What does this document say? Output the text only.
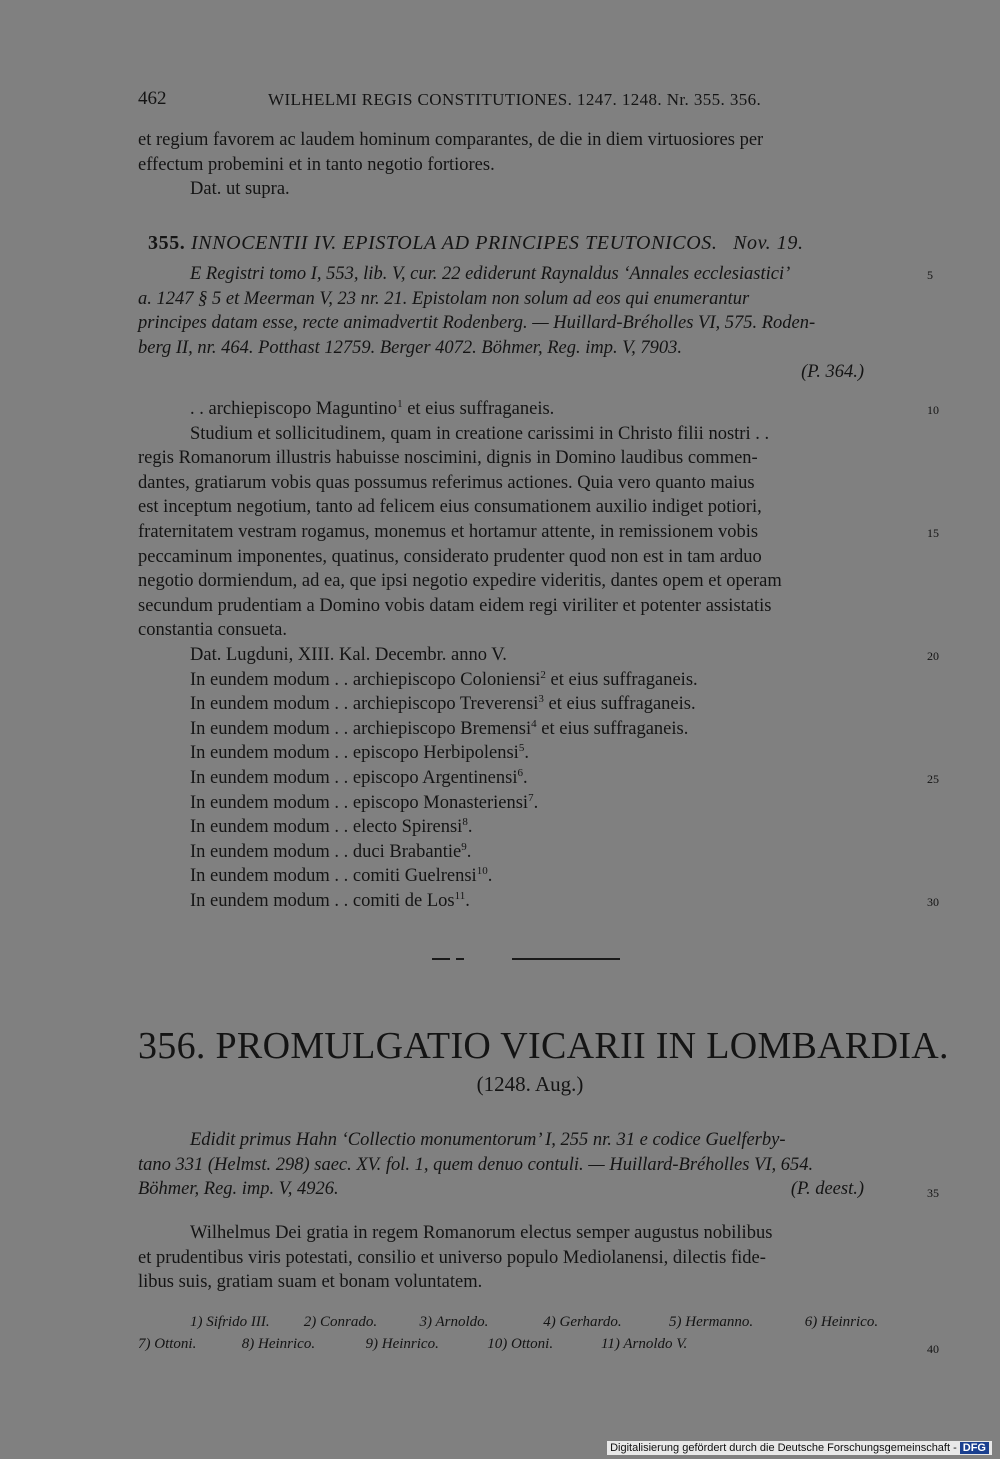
462	WILHELMI REGIS CONSTITUTIONES. 1247. 1248. Nr. 355. 356.
et regium favorem ac laudem hominum comparantes, de die in diem virtuosiores per
effectum probemini et in tanto negotio fortiores.
Dat. ut supra.
355. INNOCENTII IV. EPISTOLA AD PRINCIPES TEUTONICOS. Nov. 19.
E Registri tomo I, 553, lib. V, cur. 22 ediderunt Raynaldus ‘Annales ecclesiastici’
a. 1247 § 5 et Meerman V, 23 nr. 21. Epistolam non solum ad eos qui enumerantur
principes datam esse, recte animadvertit Rodenberg. — Huillard-Bréholles VI, 575. Roden-
berg II, nr. 464. Potthast 12759. Berger 4072. Böhmer, Reg. imp. V, 7903.
(P. 364.)
. . archiepiscopo Maguntino$^1$ et eius suffraganeis.
Studium et sollicitudinem, quam in creatione carissimi in Christo filii nostri . .
regis Romanorum illustris habuisse noscimini, dignis in Domino laudibus commen-
dantes, gratiarum vobis quas possumus referimus actiones. Quia vero quanto maius
est inceptum negotium, tanto ad felicem eius consumationem auxilio indiget potiori,
fraternitatem vestram rogamus, monemus et hortamur attente, in remissionem vobis
peccaminum imponentes, quatinus, considerato prudenter quod non est in tam arduo
negotio dormiendum, ad ea, que ipsi negotio expedire videritis, dantes opem et operam
secundum prudentiam a Domino vobis datam eidem regi viriliter et potenter assistatis
constantia consueta.
Dat. Lugduni, XIII. Kal. Decembr. anno V.
In eundem modum . . archiepiscopo Coloniensi$^2$ et eius suffraganeis.
In eundem modum . . archiepiscopo Treverensi$^3$ et eius suffraganeis.
In eundem modum . . archiepiscopo Bremensi$^4$ et eius suffraganeis.
In eundem modum . . episcopo Herbipolensi$^5$.
In eundem modum . . episcopo Argentinensi$^6$.
In eundem modum . . episcopo Monasteriensi$^7$.
In eundem modum . . electo Spirensi$^8$.
In eundem modum . . duci Brabantie$^9$.
In eundem modum . . comiti Guelrensi$^{10}$.
In eundem modum . . comiti de Los$^{11}$.
356. PROMULGATIO VICARII IN LOMBARDIA.
(1248. Aug.)
Edidit primus Hahn ‘Collectio monumentorum’ I, 255 nr. 31 e codice Guelferby-
tano 331 (Helmst. 298) saec. XV. fol. 1, quem denuo contuli. — Huillard-Bréholles VI, 654.
Böhmer, Reg. imp. V, 4926.	(P. deest.)
Wilhelmus Dei gratia in regem Romanorum electus semper augustus nobilibus
et prudentibus viris potestati, consilio et universo populo Mediolanensi, dilectis fide-
libus suis, gratiam suam et bonam voluntatem.
1) Sifrido III. 2) Conrado.	3) Arnoldo.	4) Gerhardo.	5) Hermanno.	6) Heinrico.
7) Ottoni.	8) Heinrico.	9) Heinrico.	10) Ottoni.	11) Arnoldo V.
5
10
15
20
25
30
35
40
Digitalisierung gefördert durch die Deutsche Forschungsgemeinschaft - DFG
